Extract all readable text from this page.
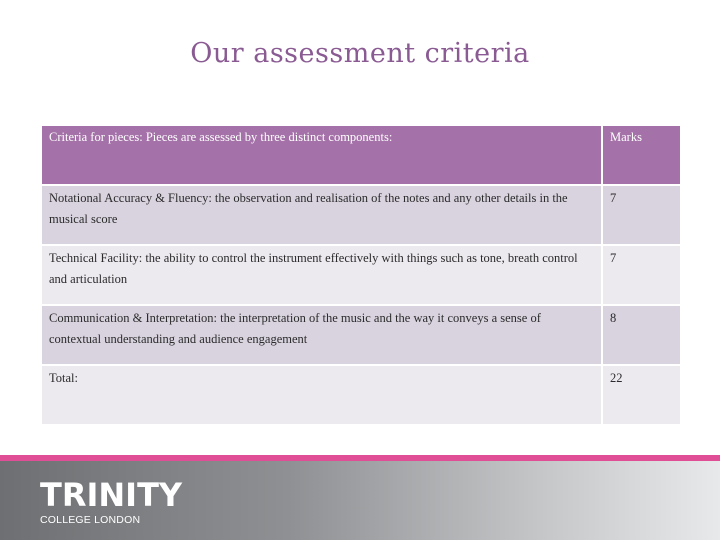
Our assessment criteria
Criteria for pieces: Pieces are assessed by three distinct components:	Marks
Notational Accuracy & Fluency: the observation and realisation of the notes and any other details in the musical score	7
Technical Facility: the ability to control the instrument effectively with things such as tone, breath control and articulation	7
Communication & Interpretation: the interpretation of the music and the way it conveys a sense of contextual understanding and audience engagement	8
Total:	22
TRINITY
COLLEGE LONDON
